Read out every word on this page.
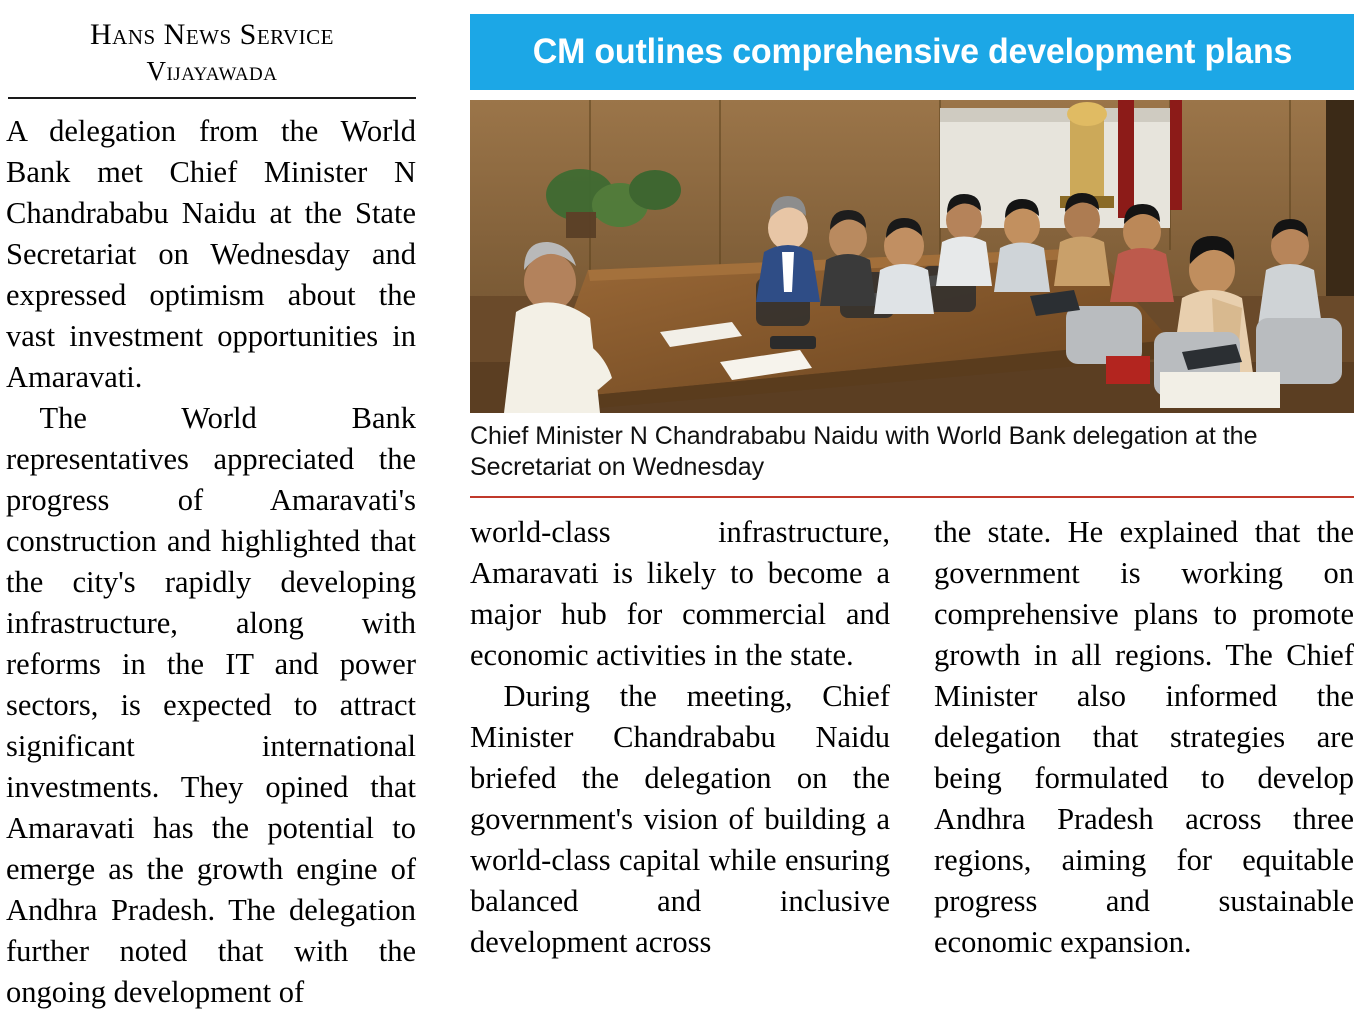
Hans News Service
Vijayawada

A delegation from the World Bank met Chief Minister N Chandrababu Naidu at the State Secretariat on Wednesday and expressed optimism about the vast investment opportunities in Amaravati.

The World Bank representatives appreciated the progress of Amaravati's construction and highlighted that the city's rapidly developing infrastructure, along with reforms in the IT and power sectors, is expected to attract significant international investments. They opined that Amaravati has the potential to emerge as the growth engine of Andhra Pradesh. The delegation further noted that with the ongoing development of

CM outlines comprehensive development plans
Chief Minister N Chandrababu Naidu with World Bank delegation at the Secretariat on Wednesday

world-class infrastructure, Amaravati is likely to become a major hub for commercial and economic activities in the state.

During the meeting, Chief Minister Chandrababu Naidu briefed the delegation on the government's vision of building a world-class capital while ensuring balanced and inclusive development across

the state. He explained that the government is working on comprehensive plans to promote growth in all regions. The Chief Minister also informed the delegation that strategies are being formulated to develop Andhra Pradesh across three regions, aiming for equitable progress and sustainable economic expansion.
